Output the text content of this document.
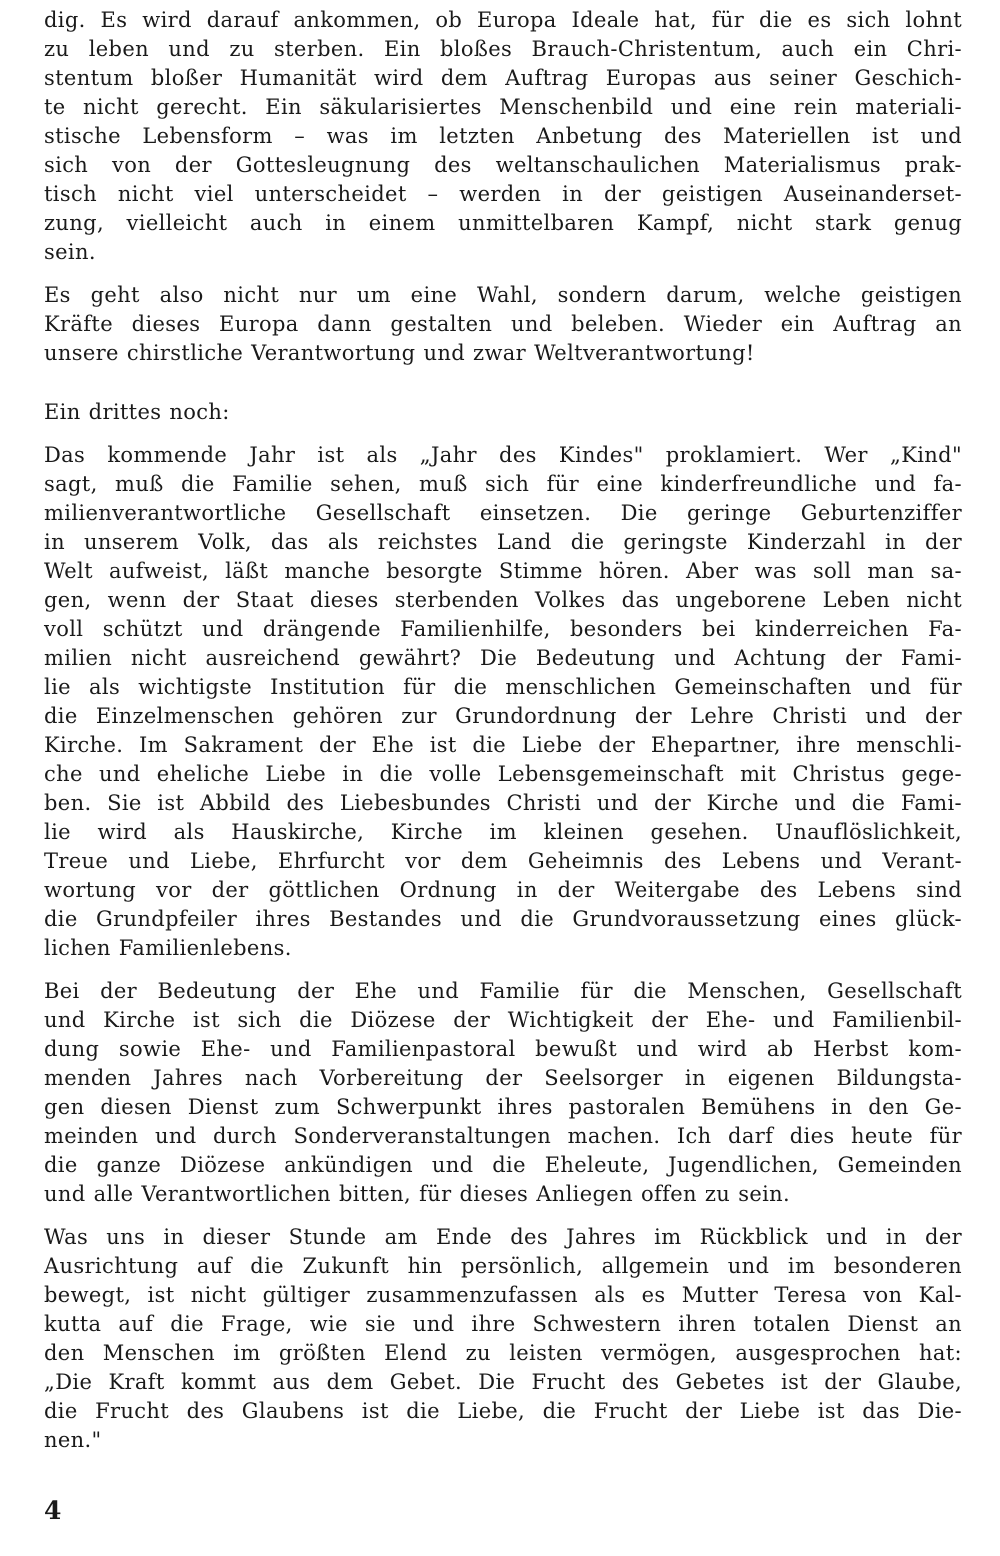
dig. Es wird darauf ankommen, ob Europa Ideale hat, für die es sich lohnt
zu leben und zu sterben. Ein bloßes Brauch-Christentum, auch ein Chri-
stentum bloßer Humanität wird dem Auftrag Europas aus seiner Geschich-
te nicht gerecht. Ein säkularisiertes Menschenbild und eine rein materiali-
stische Lebensform – was im letzten Anbetung des Materiellen ist und
sich von der Gottesleugnung des weltanschaulichen Materialismus prak-
tisch nicht viel unterscheidet – werden in der geistigen Auseinanderset-
zung, vielleicht auch in einem unmittelbaren Kampf, nicht stark genug
sein.
Es geht also nicht nur um eine Wahl, sondern darum, welche geistigen
Kräfte dieses Europa dann gestalten und beleben. Wieder ein Auftrag an
unsere chirstliche Verantwortung und zwar Weltverantwortung!
Ein drittes noch:
Das kommende Jahr ist als „Jahr des Kindes" proklamiert. Wer „Kind"
sagt, muß die Familie sehen, muß sich für eine kinderfreundliche und fa-
milienverantwortliche Gesellschaft einsetzen. Die geringe Geburtenziffer
in unserem Volk, das als reichstes Land die geringste Kinderzahl in der
Welt aufweist, läßt manche besorgte Stimme hören. Aber was soll man sa-
gen, wenn der Staat dieses sterbenden Volkes das ungeborene Leben nicht
voll schützt und drängende Familienhilfe, besonders bei kinderreichen Fa-
milien nicht ausreichend gewährt? Die Bedeutung und Achtung der Fami-
lie als wichtigste Institution für die menschlichen Gemeinschaften und für
die Einzelmenschen gehören zur Grundordnung der Lehre Christi und der
Kirche. Im Sakrament der Ehe ist die Liebe der Ehepartner, ihre menschli-
che und eheliche Liebe in die volle Lebensgemeinschaft mit Christus gege-
ben. Sie ist Abbild des Liebesbundes Christi und der Kirche und die Fami-
lie wird als Hauskirche, Kirche im kleinen gesehen. Unauflöslichkeit,
Treue und Liebe, Ehrfurcht vor dem Geheimnis des Lebens und Verant-
wortung vor der göttlichen Ordnung in der Weitergabe des Lebens sind
die Grundpfeiler ihres Bestandes und die Grundvoraussetzung eines glück-
lichen Familienlebens.
Bei der Bedeutung der Ehe und Familie für die Menschen, Gesellschaft
und Kirche ist sich die Diözese der Wichtigkeit der Ehe- und Familienbil-
dung sowie Ehe- und Familienpastoral bewußt und wird ab Herbst kom-
menden Jahres nach Vorbereitung der Seelsorger in eigenen Bildungsta-
gen diesen Dienst zum Schwerpunkt ihres pastoralen Bemühens in den Ge-
meinden und durch Sonderveranstaltungen machen. Ich darf dies heute für
die ganze Diözese ankündigen und die Eheleute, Jugendlichen, Gemeinden
und alle Verantwortlichen bitten, für dieses Anliegen offen zu sein.
Was uns in dieser Stunde am Ende des Jahres im Rückblick und in der
Ausrichtung auf die Zukunft hin persönlich, allgemein und im besonderen
bewegt, ist nicht gültiger zusammenzufassen als es Mutter Teresa von Kal-
kutta auf die Frage, wie sie und ihre Schwestern ihren totalen Dienst an
den Menschen im größten Elend zu leisten vermögen, ausgesprochen hat:
„Die Kraft kommt aus dem Gebet. Die Frucht des Gebetes ist der Glaube,
die Frucht des Glaubens ist die Liebe, die Frucht der Liebe ist das Die-
nen."
4
